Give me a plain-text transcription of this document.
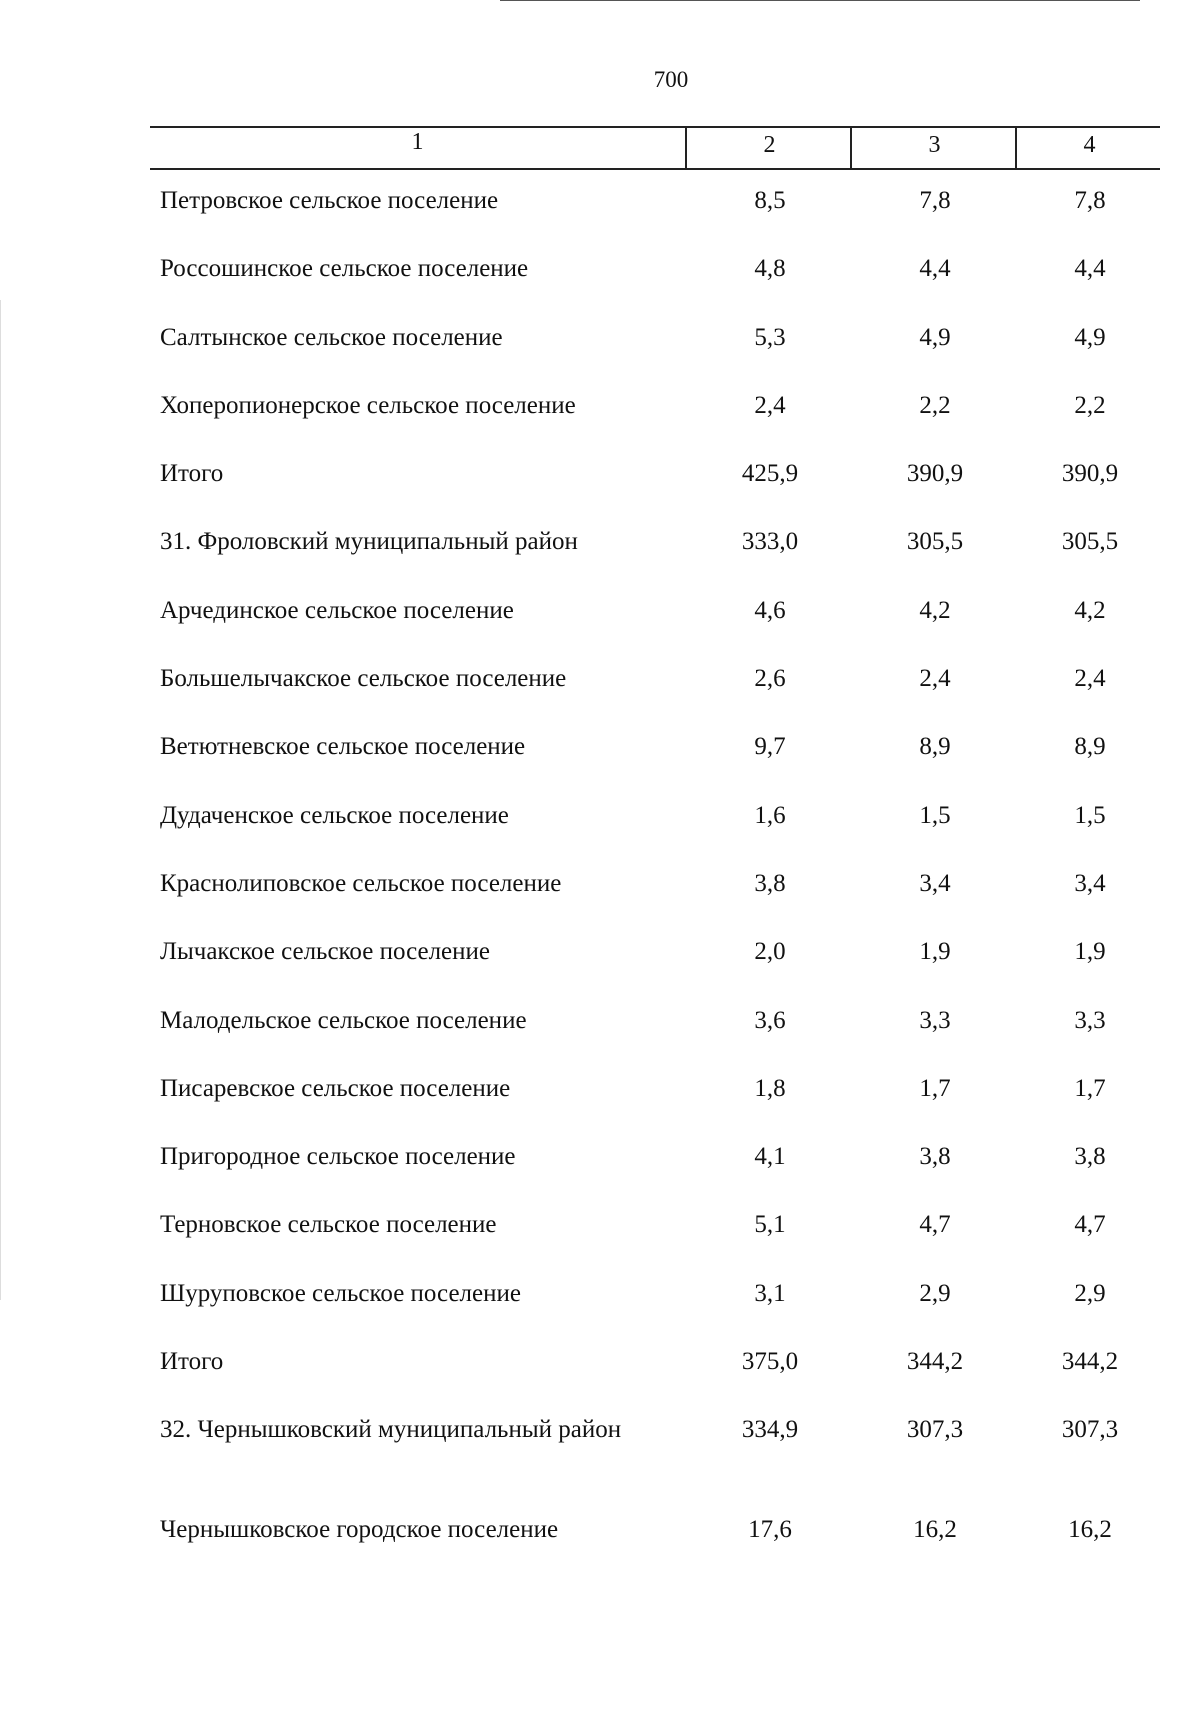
700
1	2	3	4
Петровское сельское поселение	8,5	7,8	7,8
Россошинское сельское поселение	4,8	4,4	4,4
Салтынское сельское поселение	5,3	4,9	4,9
Хоперопионерское сельское поселение	2,4	2,2	2,2
Итого	425,9	390,9	390,9
31. Фроловский муниципальный район	333,0	305,5	305,5
Арчединское сельское поселение	4,6	4,2	4,2
Большелычакское сельское поселение	2,6	2,4	2,4
Ветютневское сельское поселение	9,7	8,9	8,9
Дудаченское сельское поселение	1,6	1,5	1,5
Краснолиповское сельское поселение	3,8	3,4	3,4
Лычакское сельское поселение	2,0	1,9	1,9
Малодельское сельское поселение	3,6	3,3	3,3
Писаревское сельское поселение	1,8	1,7	1,7
Пригородное сельское поселение	4,1	3,8	3,8
Терновское сельское поселение	5,1	4,7	4,7
Шуруповское сельское поселение	3,1	2,9	2,9
Итого	375,0	344,2	344,2
32. Чернышковский муниципальный район	334,9	307,3	307,3
Чернышковское городское поселение	17,6	16,2	16,2
